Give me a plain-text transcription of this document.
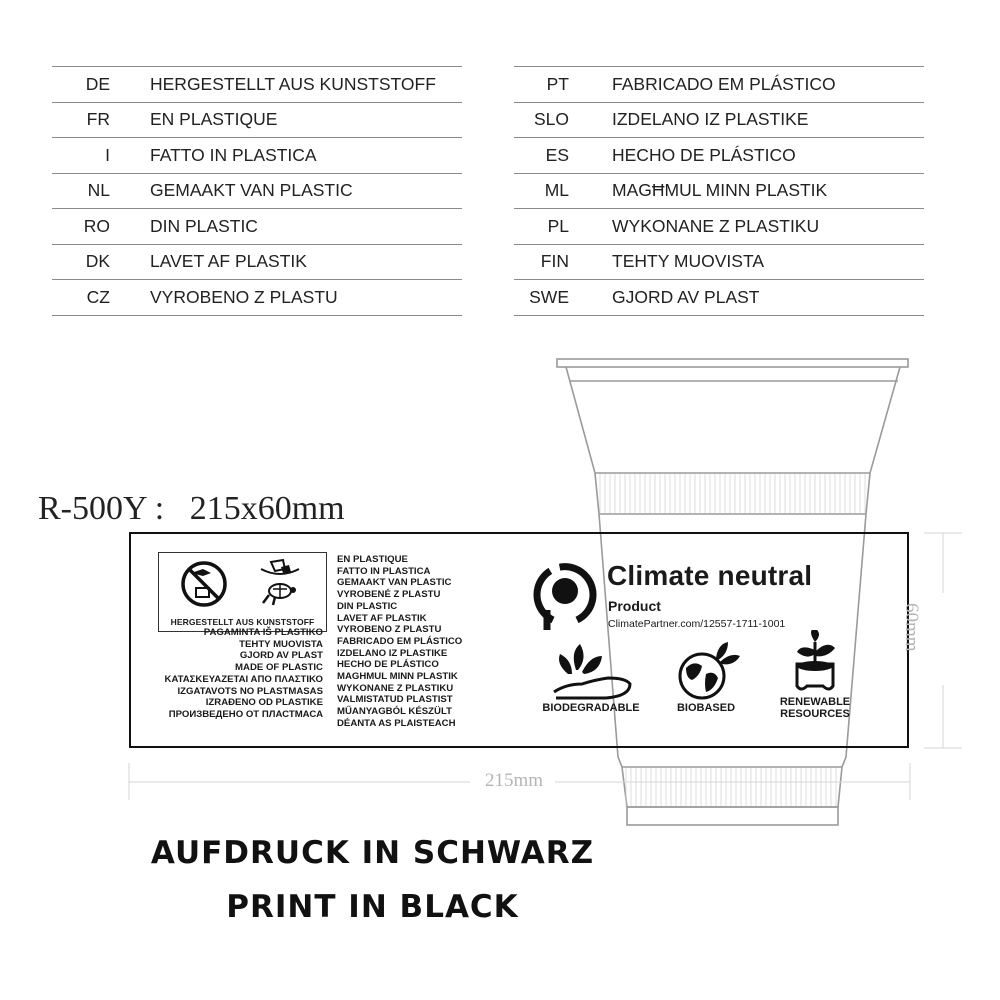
DE	HERGESTELLT AUS KUNSTSTOFF
FR	EN PLASTIQUE
I	FATTO IN PLASTICA
NL	GEMAAKT VAN PLASTIC
RO	DIN PLASTIC
DK	LAVET AF PLASTIK
CZ	VYROBENO Z PLASTU
PT	FABRICADO EM PLÁSTICO
SLO	IZDELANO IZ PLASTIKE
ES	HECHO DE PLÁSTICO
ML	MAGĦMUL MINN PLASTIK
PL	WYKONANE Z PLASTIKU
FIN	TEHTY MUOVISTA
SWE	GJORD AV PLAST
R-500Y :   215x60mm
HERGESTELLT AUS KUNSTSTOFF
PAGAMINTA IŠ PLASTIKO
TEHTY MUOVISTA
GJORD AV PLAST
MADE OF PLASTIC
ΚΑΤΑΣΚΕΥΑΖΕΤΑΙ ΑΠΟ ΠΛΑΣΤΙΚΟ
IZGATAVOTS NO PLASTMASAS
IZRAĐENO OD PLASTIKE
ПРОИЗВЕДЕНО ОТ ПЛАСТМАСА
EN PLASTIQUE
FATTO IN PLASTICA
GEMAAKT VAN PLASTIC
VYROBENÉ Z PLASTU
DIN PLASTIC
LAVET AF PLASTIK
VYROBENO Z PLASTU
FABRICADO EM PLÁSTICO
IZDELANO IZ PLASTIKE
HECHO DE PLÁSTICO
MAGHMUL MINN PLASTIK
WYKONANE Z PLASTIKU
VALMISTATUD PLASTIST
MŰANYAGBÓL KÉSZÜLT
DÉANTA AS PLAISTEACH
Climate neutral
Product
ClimatePartner.com/12557-1711-1001
BIODEGRADABLE	BIOBASED	RENEWABLE
RESOURCES
215mm
60mm
AUFDRUCK IN SCHWARZ
PRINT IN BLACK
